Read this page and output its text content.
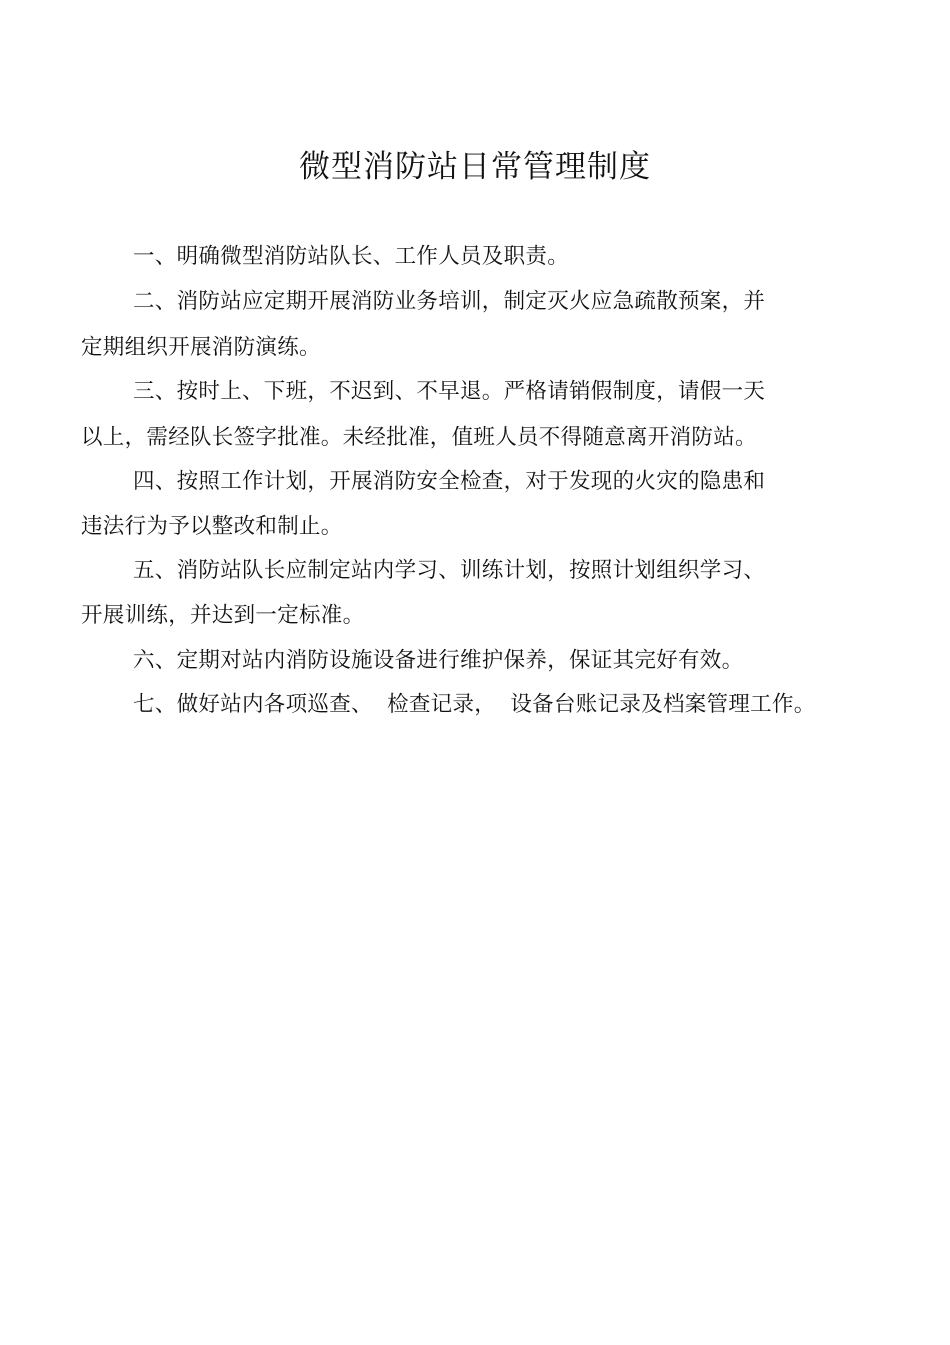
微型消防站日常管理制度
一、明确微型消防站队长、工作人员及职责。
二、消防站应定期开展消防业务培训，制定灭火应急疏散预案，并
定期组织开展消防演练。
三、按时上、下班，不迟到、不早退。严格请销假制度，请假一天
以上，需经队长签字批准。未经批准，值班人员不得随意离开消防站。
四、按照工作计划，开展消防安全检查，对于发现的火灾的隐患和
违法行为予以整改和制止。
五、消防站队长应制定站内学习、训练计划，按照计划组织学习、
开展训练，并达到一定标准。
六、定期对站内消防设施设备进行维护保养，保证其完好有效。
七、做好站内各项巡查、  检查记录，  设备台账记录及档案管理工作。
